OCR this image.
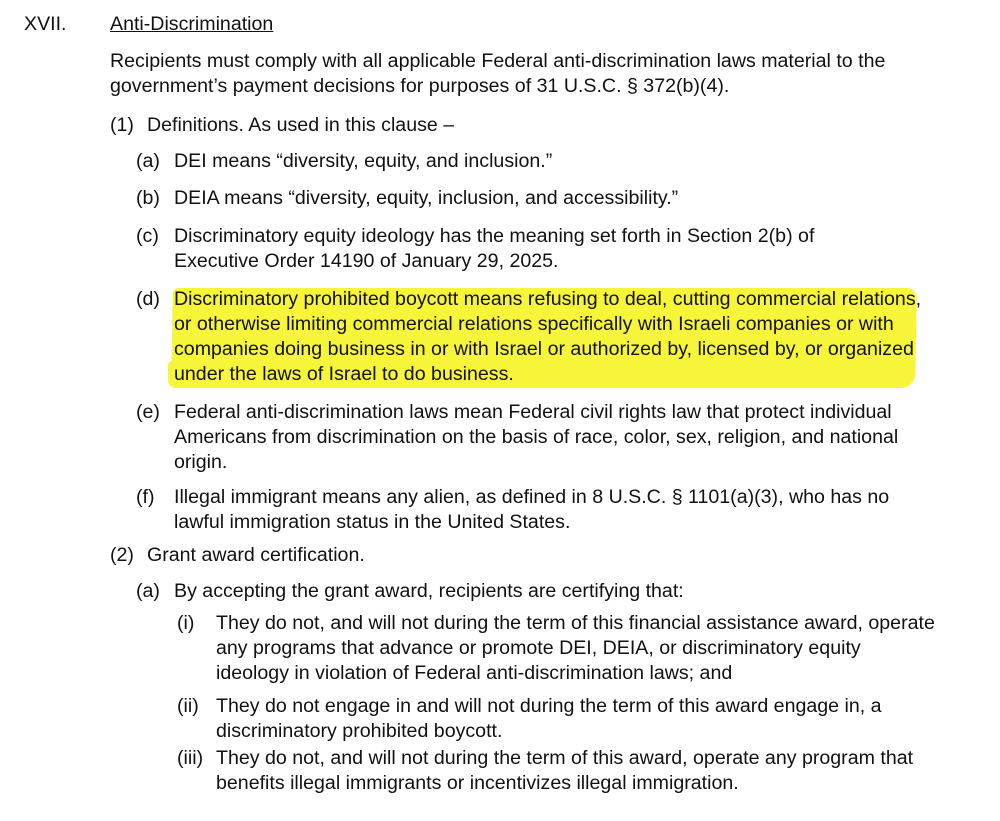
XVII. Anti-Discrimination
Recipients must comply with all applicable Federal anti-discrimination laws material to the government’s payment decisions for purposes of 31 U.S.C. § 372(b)(4).
(1) Definitions. As used in this clause –
(a) DEI means “diversity, equity, and inclusion.”
(b) DEIA means “diversity, equity, inclusion, and accessibility.”
(c) Discriminatory equity ideology has the meaning set forth in Section 2(b) of Executive Order 14190 of January 29, 2025.
(d) Discriminatory prohibited boycott means refusing to deal, cutting commercial relations, or otherwise limiting commercial relations specifically with Israeli companies or with companies doing business in or with Israel or authorized by, licensed by, or organized under the laws of Israel to do business.
(e) Federal anti-discrimination laws mean Federal civil rights law that protect individual Americans from discrimination on the basis of race, color, sex, religion, and national origin.
(f) Illegal immigrant means any alien, as defined in 8 U.S.C. § 1101(a)(3), who has no lawful immigration status in the United States.
(2) Grant award certification.
(a) By accepting the grant award, recipients are certifying that:
(i) They do not, and will not during the term of this financial assistance award, operate any programs that advance or promote DEI, DEIA, or discriminatory equity ideology in violation of Federal anti-discrimination laws; and
(ii) They do not engage in and will not during the term of this award engage in, a discriminatory prohibited boycott.
(iii) They do not, and will not during the term of this award, operate any program that benefits illegal immigrants or incentivizes illegal immigration.
